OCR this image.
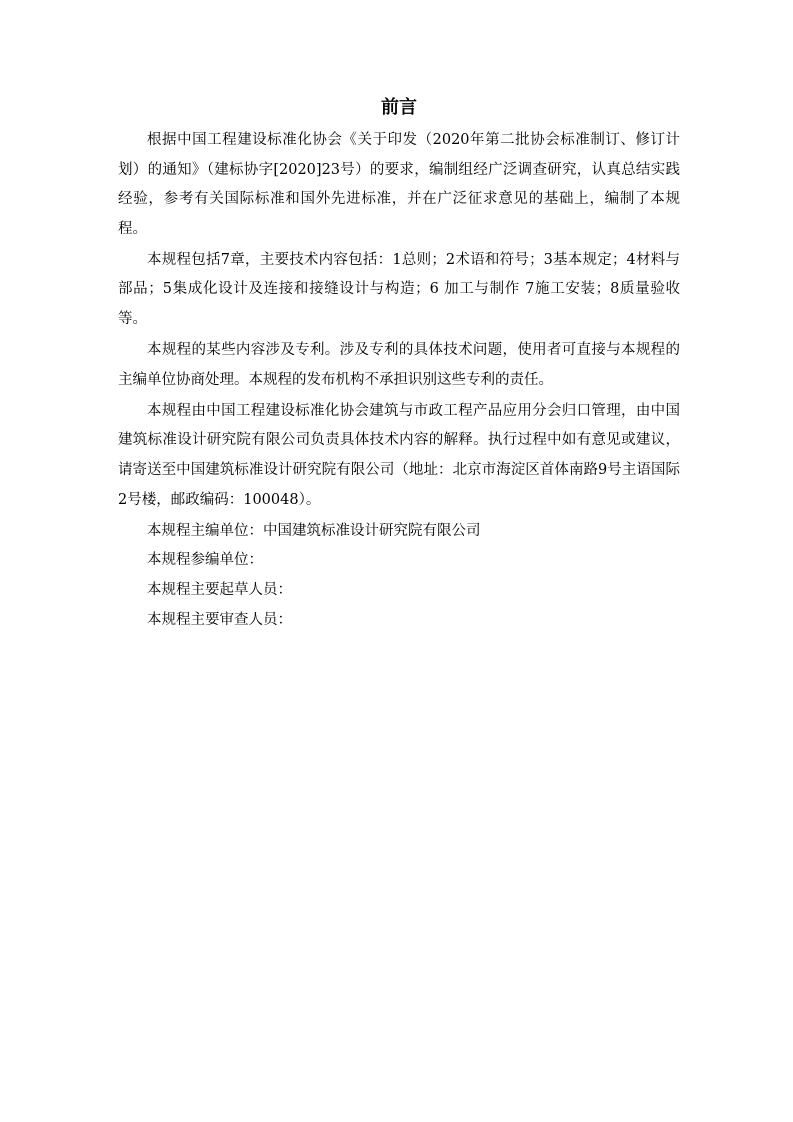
前言

根据中国工程建设标准化协会《关于印发（2020年第二批协会标准制订、修订计划）的通知》（建标协字[2020]23号）的要求，编制组经广泛调查研究，认真总结实践经验，参考有关国际标准和国外先进标准，并在广泛征求意见的基础上，编制了本规程。

本规程包括7章，主要技术内容包括：1总则；2术语和符号；3基本规定；4材料与部品；5集成化设计及连接和接缝设计与构造；6 加工与制作 7施工安装；8质量验收等。

本规程的某些内容涉及专利。涉及专利的具体技术问题，使用者可直接与本规程的主编单位协商处理。本规程的发布机构不承担识别这些专利的责任。

本规程由中国工程建设标准化协会建筑与市政工程产品应用分会归口管理，由中国建筑标准设计研究院有限公司负责具体技术内容的解释。执行过程中如有意见或建议，请寄送至中国建筑标准设计研究院有限公司（地址：北京市海淀区首体南路9号主语国际2号楼，邮政编码：100048）。

本规程主编单位：中国建筑标准设计研究院有限公司

本规程参编单位：

本规程主要起草人员：

本规程主要审查人员：
